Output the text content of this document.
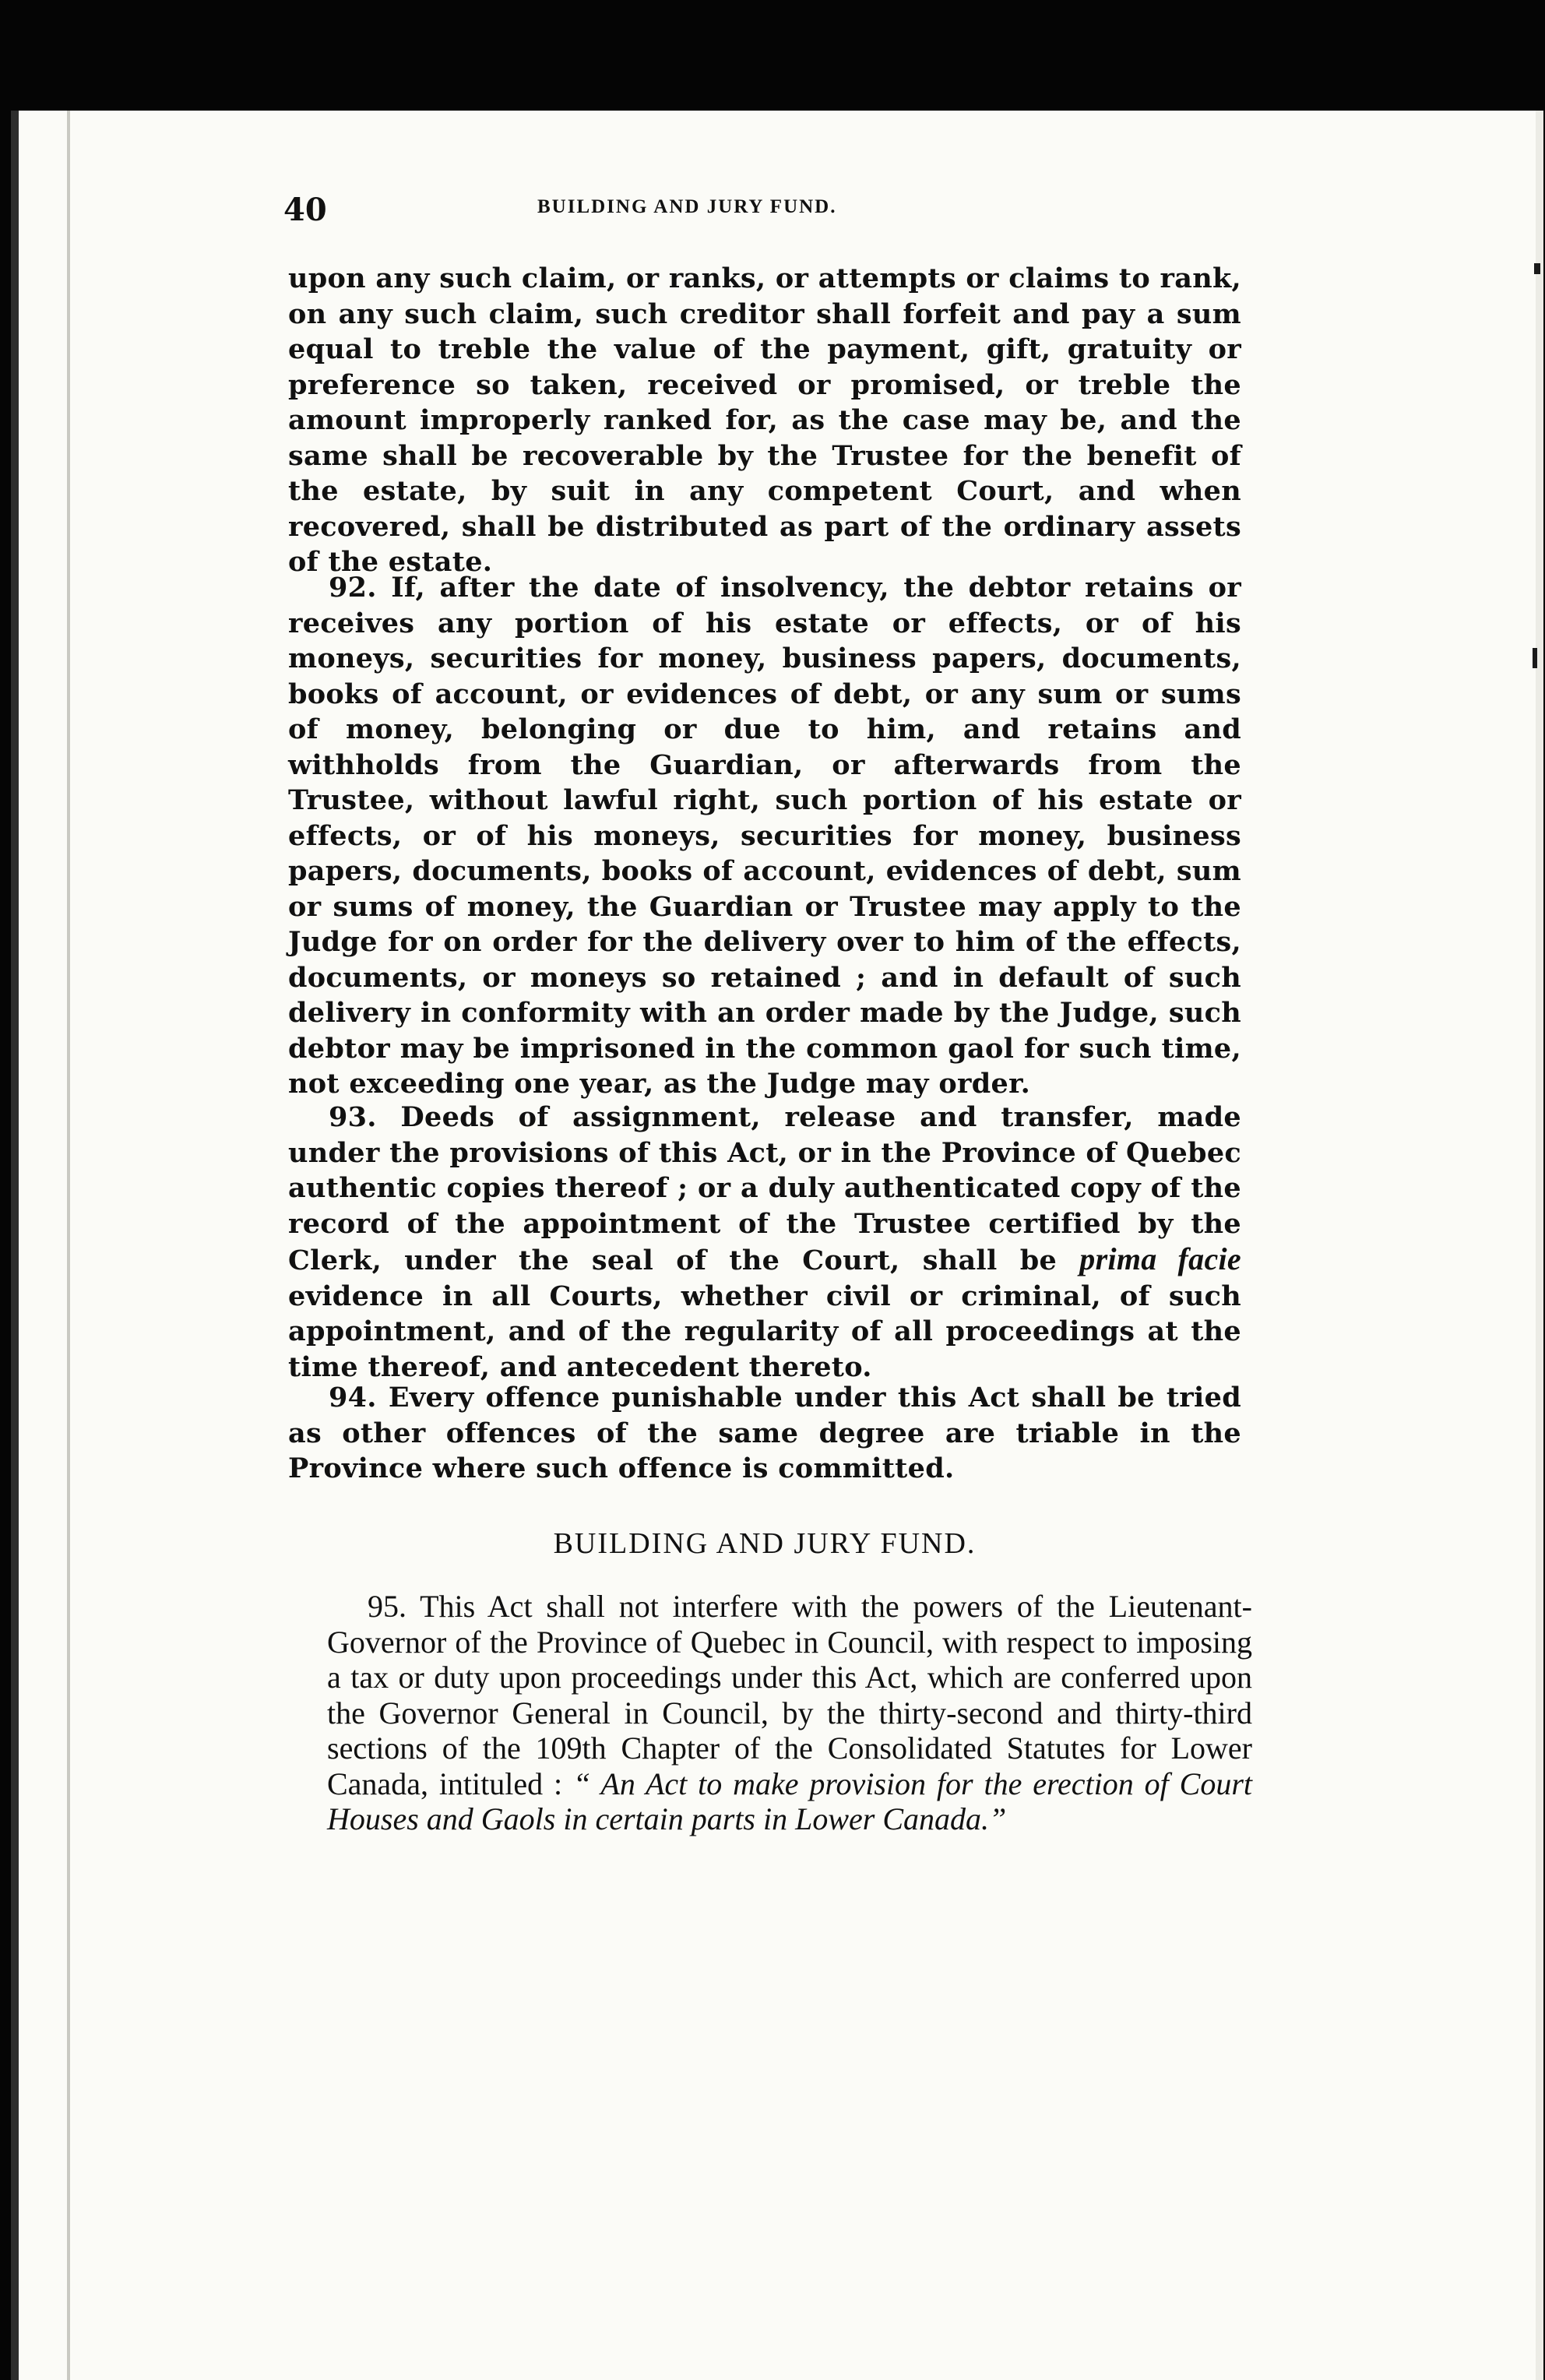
40	BUILDING AND JURY FUND.

upon any such claim, or ranks, or attempts or claims to rank, on any such claim, such creditor shall forfeit and pay a sum equal to treble the value of the payment, gift, gratuity or preference so taken, received or promised, or treble the amount improperly ranked for, as the case may be, and the same shall be recoverable by the Trustee for the benefit of the estate, by suit in any competent Court, and when recovered, shall be distributed as part of the ordinary assets of the estate.

92. If, after the date of insolvency, the debtor retains or receives any portion of his estate or effects, or of his moneys, securities for money, business papers, documents, books of account, or evidences of debt, or any sum or sums of money, belonging or due to him, and retains and withholds from the Guardian, or afterwards from the Trustee, without lawful right, such portion of his estate or effects, or of his moneys, securities for money, business papers, documents, books of account, evidences of debt, sum or sums of money, the Guardian or Trustee may apply to the Judge for on order for the delivery over to him of the effects, documents, or moneys so retained ; and in default of such delivery in conformity with an order made by the Judge, such debtor may be imprisoned in the common gaol for such time, not exceeding one year, as the Judge may order.

93. Deeds of assignment, release and transfer, made under the provisions of this Act, or in the Province of Quebec authentic copies thereof ; or a duly authenticated copy of the record of the appointment of the Trustee certified by the Clerk, under the seal of the Court, shall be prima facie evidence in all Courts, whether civil or criminal, of such appointment, and of the regularity of all proceedings at the time thereof, and antecedent thereto.

94. Every offence punishable under this Act shall be tried as other offences of the same degree are triable in the Province where such offence is committed.

BUILDING AND JURY FUND.

95. This Act shall not interfere with the powers of the Lieutenant-Governor of the Province of Quebec in Council, with respect to imposing a tax or duty upon proceedings under this Act, which are conferred upon the Governor General in Council, by the thirty-second and thirty-third sections of the 109th Chapter of the Consolidated Statutes for Lower Canada, intituled : “ An Act to make provision for the erection of Court Houses and Gaols in certain parts in Lower Canada.”
